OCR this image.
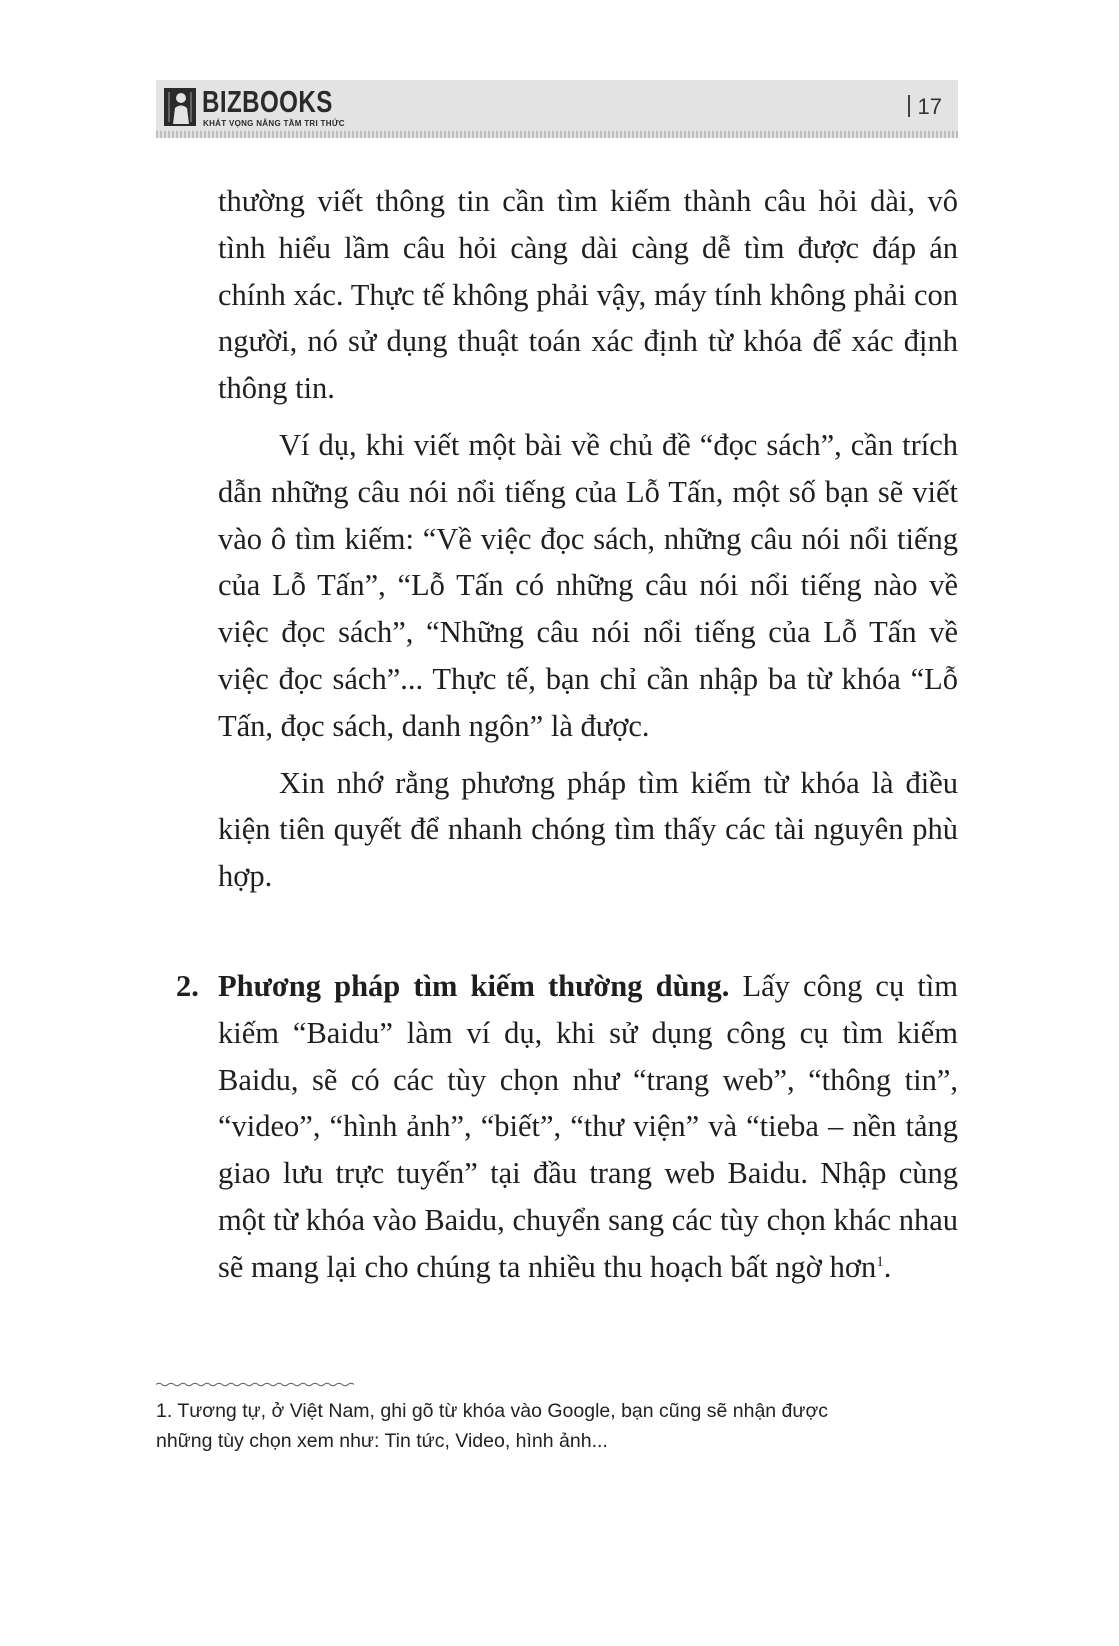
BIZBOOKS
KHÁT VỌNG NÂNG TẦM TRI THỨC
17

thường viết thông tin cần tìm kiếm thành câu hỏi dài, vô tình hiểu lầm câu hỏi càng dài càng dễ tìm được đáp án chính xác. Thực tế không phải vậy, máy tính không phải con người, nó sử dụng thuật toán xác định từ khóa để xác định thông tin.

Ví dụ, khi viết một bài về chủ đề “đọc sách”, cần trích dẫn những câu nói nổi tiếng của Lỗ Tấn, một số bạn sẽ viết vào ô tìm kiếm: “Về việc đọc sách, những câu nói nổi tiếng của Lỗ Tấn”, “Lỗ Tấn có những câu nói nổi tiếng nào về việc đọc sách”, “Những câu nói nổi tiếng của Lỗ Tấn về việc đọc sách”... Thực tế, bạn chỉ cần nhập ba từ khóa “Lỗ Tấn, đọc sách, danh ngôn” là được.

Xin nhớ rằng phương pháp tìm kiếm từ khóa là điều kiện tiên quyết để nhanh chóng tìm thấy các tài nguyên phù hợp.

2. Phương pháp tìm kiếm thường dùng. Lấy công cụ tìm kiếm “Baidu” làm ví dụ, khi sử dụng công cụ tìm kiếm Baidu, sẽ có các tùy chọn như “trang web”, “thông tin”, “video”, “hình ảnh”, “biết”, “thư viện” và “tieba – nền tảng giao lưu trực tuyến” tại đầu trang web Baidu. Nhập cùng một từ khóa vào Baidu, chuyển sang các tùy chọn khác nhau sẽ mang lại cho chúng ta nhiều thu hoạch bất ngờ hơn$^1$.
1. Tương tự, ở Việt Nam, ghi gõ từ khóa vào Google, bạn cũng sẽ nhận được
những tùy chọn xem như: Tin tức, Video, hình ảnh...
